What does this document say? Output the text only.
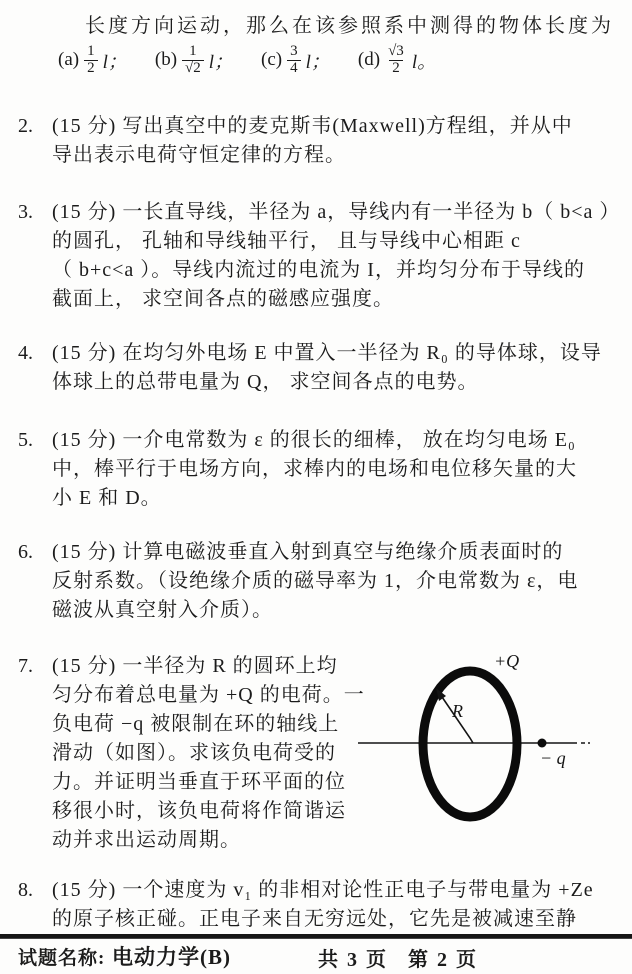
长度方向运动，那么在该参照系中测得的物体长度为
$(a) \frac{1}{2}$ l； $(b) \frac{1}{√2}$ l； $(c) \frac{3}{4}$ l； $(d) \frac{√3}{2}$ l。
2. (15 分) 写出真空中的麦克斯韦(Maxwell)方程组，并从中
导出表示电荷守恒定律的方程。
3. (15 分) 一长直导线，半径为 a，导线内有一半径为 b（ b<a ）
的圆孔， 孔轴和导线轴平行， 且与导线中心相距 c
（ b+c<a ）。导线内流过的电流为 I，并均匀分布于导线的
截面上， 求空间各点的磁感应强度。
4. (15 分) 在均匀外电场 E 中置入一半径为 R₀ 的导体球，设导
体球上的总带电量为 Q， 求空间各点的电势。
5. (15 分) 一介电常数为 ε 的很长的细棒， 放在均匀电场 E₀
中，棒平行于电场方向，求棒内的电场和电位移矢量的大
小 E 和 D。
6. (15 分) 计算电磁波垂直入射到真空与绝缘介质表面时的
反射系数。（设绝缘介质的磁导率为 1，介电常数为 ε，电
磁波从真空射入介质）。
7. (15 分) 一半径为 R 的圆环上均
匀分布着总电量为 +Q 的电荷。一
负电荷 −q 被限制在环的轴线上
滑动（如图）。求该负电荷受的
力。并证明当垂直于环平面的位
移很小时，该负电荷将作简谐运
动并求出运动周期。
8. (15 分) 一个速度为 v₁ 的非相对论性正电子与带电量为 +Ze
的原子核正碰。正电子来自无穷远处，它先是被减速至静
+Q
R
− q
试题名称: 电动力学(B)	共 3 页 第 2 页
